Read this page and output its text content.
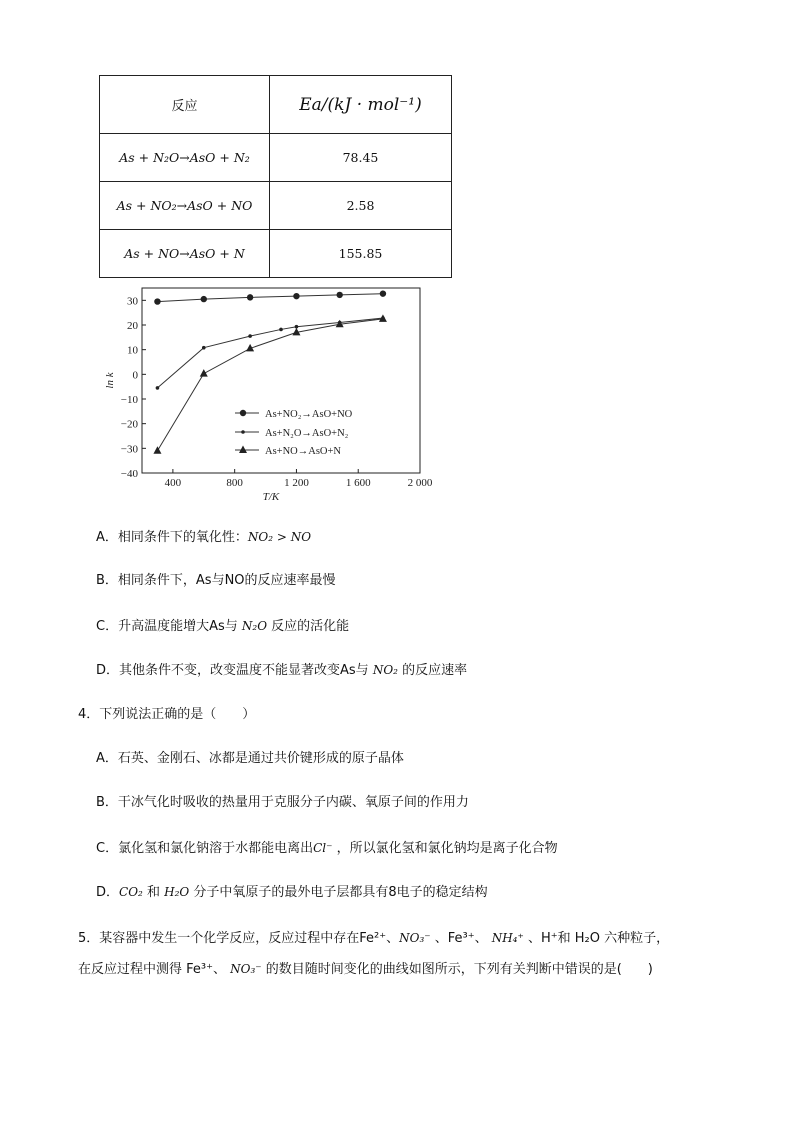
反应	Ea/(kJ · mol⁻¹)
As + N₂O→AsO + N₂	78.45
As + NO₂→AsO + NO	2.58
As + NO→AsO + N	155.85
−40
−30
−20
−10
0
10
20
30
400	800	1 200	1 600	2 000
T/K
ln k
As+NO₂→AsO+NO
As+N₂O→AsO+N₂
As+NO→AsO+N
A．相同条件下的氧化性：NO₂ > NO
B．相同条件下，As与NO的反应速率最慢
C．升高温度能增大As与 N₂O 反应的活化能
D．其他条件不变，改变温度不能显著改变As与 NO₂ 的反应速率
4．下列说法正确的是（　　）
A．石英、金刚石、冰都是通过共价键形成的原子晶体
B．干冰气化时吸收的热量用于克服分子内碳、氧原子间的作用力
C．氯化氢和氯化钠溶于水都能电离出Cl⁻ ，所以氯化氢和氯化钠均是离子化合物
D．CO₂ 和 H₂O 分子中氧原子的最外电子层都具有8电子的稳定结构
5．某容器中发生一个化学反应，反应过程中存在Fe²⁺、NO₃⁻ 、Fe³⁺、 NH₄⁺ 、H⁺和 H₂O 六种粒子，
在反应过程中测得 Fe³⁺、 NO₃⁻ 的数目随时间变化的曲线如图所示，下列有关判断中错误的是(　　)
